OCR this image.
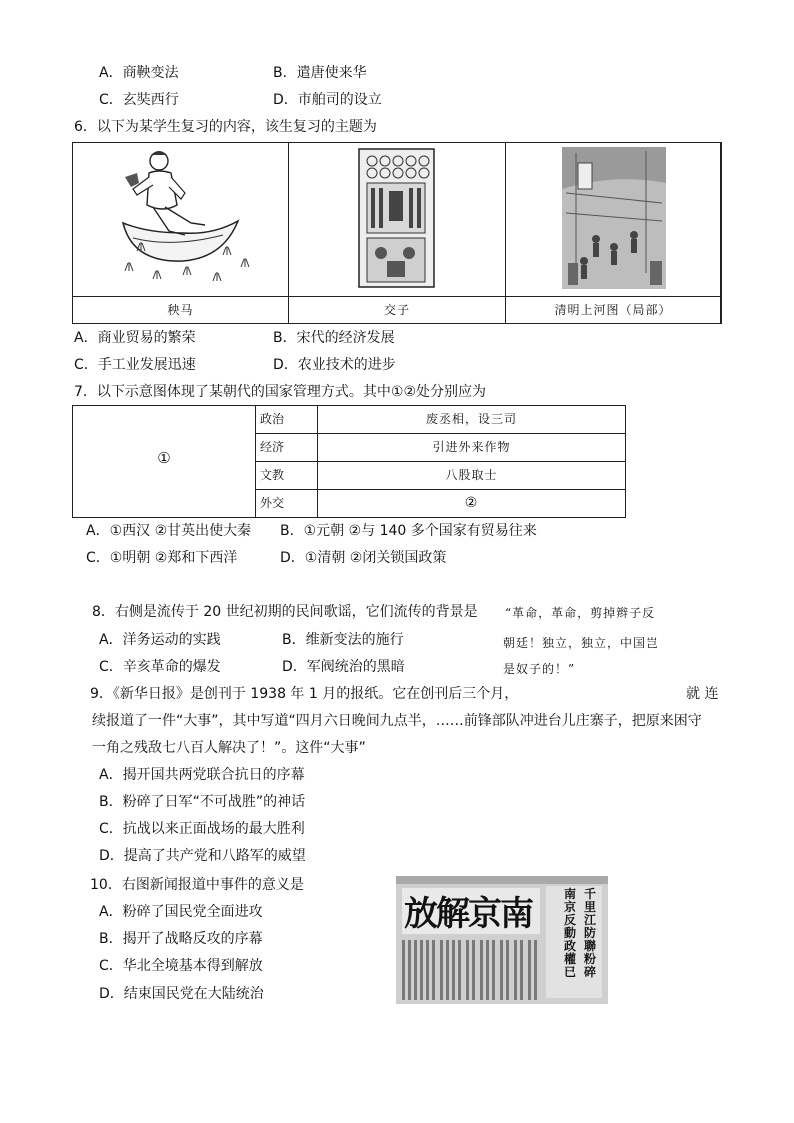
A．商鞅变法	B．遣唐使来华
C．玄奘西行	D．市舶司的设立
6．以下为某学生复习的内容，该生复习的主题为
秧马	交子	清明上河图（局部）
A．商业贸易的繁荣	B．宋代的经济发展
C．手工业发展迅速	D．农业技术的进步
7．以下示意图体现了某朝代的国家管理方式。其中①②处分别应为
①
政治	废丞相，设三司
经济	引进外来作物
文教	八股取士
外交	②
A．①西汉 ②甘英出使大秦 B．①元朝 ②与 140 多个国家有贸易往来
C．①明朝 ②郑和下西洋	D．①清朝 ②闭关锁国政策
8．右侧是流传于 20 世纪初期的民间歌谣，它们流传的背景是 “革命，革命，剪掉辫子反
朝廷！独立，独立，中国岂
是奴子的！”
A．洋务运动的实践	B．维新变法的施行
C．辛亥革命的爆发	D．军阀统治的黑暗
9．《新华日报》是创刊于 1938 年 1 月的报纸。它在创刊后三个月，	就 连
续报道了一件“大事”，其中写道“四月六日晚间九点半，……前锋部队冲进台儿庄寨子，把原来困守
一角之残敌七八百人解决了！”。这件“大事”
A．揭开国共两党联合抗日的序幕
B．粉碎了日军“不可战胜”的神话
C．抗战以来正面战场的最大胜利
D．提高了共产党和八路军的威望
10．右图新闻报道中事件的意义是
A．粉碎了国民党全面进攻
B．揭开了战略反攻的序幕
C．华北全境基本得到解放
D．结束国民党在大陆统治
南京解放	千里江防聯粉碎
南京反動政權已
